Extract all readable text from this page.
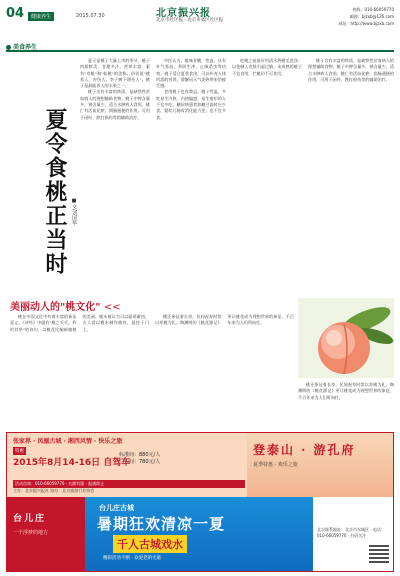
04	健康养生	2015.07.30	北京振兴报
北京市社区报 · 北京市郊区社区报
热线：010-66059770
邮箱：bjzxb@126.com
网址：http://www.bjzxb.com
美食养生
夏令食桃正当时 ■文/刘国华

夏天是桃子大量上市的季节，桃子肉质鲜美、甘甜多汁，营养丰富，素有"寿桃"和"仙桃"的美称。俗话说"桃养人，杏伤人，李子树下埋死人"，桃子是最能养人的水果之一。

桃子含有丰富的铁质，是缺铁性贫血病人的理想辅助食物。桃子中钾含量多，钠含量少，适合水肿病人食用。桃仁有活血化瘀、润肠通便的作用，可用于闭经、跌打损伤等的辅助治疗。

中医认为，桃味甘酸，性温，具有补气养血、养阴生津、止咳杀虫等功效。桃子适合夏季食用，可以补充人体所需的营养，缓解因天气炎热带来的疲乏感。

食用桃子也有禁忌。桃子性温，多吃易生内热，内热偏盛、易生疮疖的人不宜多吃。糖尿病患者血糖过高时应少食。婴幼儿肠胃消化能力差，也不宜多食。

吃桃之前最好用清水将桃毛洗净，以免刺入皮肤引起过敏。未成熟的桃子不宜食用，烂桃切不可食用。

桃子含有丰富的铁质，是缺铁性贫血病人的理想辅助食物。桃子中钾含量多，钠含量少，适合水肿病人食用。桃仁有活血化瘀、润肠通便的作用，可用于闭经、跌打损伤等的辅助治疗。

美丽动人的"桃文化" <<

桃在中国文化中有着丰富的象征意义。《诗经》中就有"桃之夭夭，灼灼其华"的诗句，以桃花比喻新嫁娘的美丽。桃木被认为可以驱邪避凶，古人常以桃木制作桃符，悬挂于门上。

桃还象征着长寿，民间祝寿时常以寿桃为礼。陶渊明的《桃花源记》更让桃花成为理想世界的象征，千百年来为人们所向往。

桃还象征着长寿，民间祝寿时常以寿桃为礼。陶渊明的《桃花源记》更让桃花成为理想世界的象征，千百年来为人们所向往。

张家界 · 凤凰古城 · 湘西风情 · 快乐之旅
特惠
2015年8月14-16日 自驾车
标准间：880元/人
三人间：780元/人
活动咨询：010-66059770 · 名额有限 · 报满即止
主办：北京振兴报社 协办：北京旅游行业协会
登泰山 · 游孔府
夏季特惠 · 欢乐之旅
台儿庄
一个浮梦的地方
台儿庄古城
暑期狂欢清凉一夏
千人古城戏水
精彩活动不断 · 欢迎您的光临
北京联系地址：北京市东城区 · 电话：010-66059770 · 扫码关注
